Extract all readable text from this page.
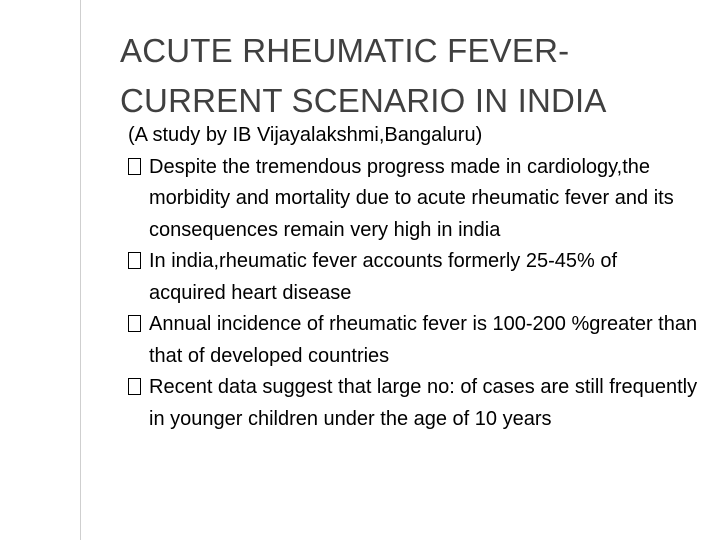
ACUTE RHEUMATIC FEVER-
CURRENT SCENARIO IN INDIA

(A study by IB Vijayalakshmi,Bangaluru)

Despite the tremendous progress made in cardiology,the morbidity and mortality due to acute rheumatic fever and its consequences remain very high in india
In india,rheumatic fever accounts formerly 25-45% of acquired heart disease
Annual incidence of rheumatic fever is 100-200 %greater than that of developed countries
Recent data suggest that large no: of cases are still frequently in younger children under the age of 10 years
